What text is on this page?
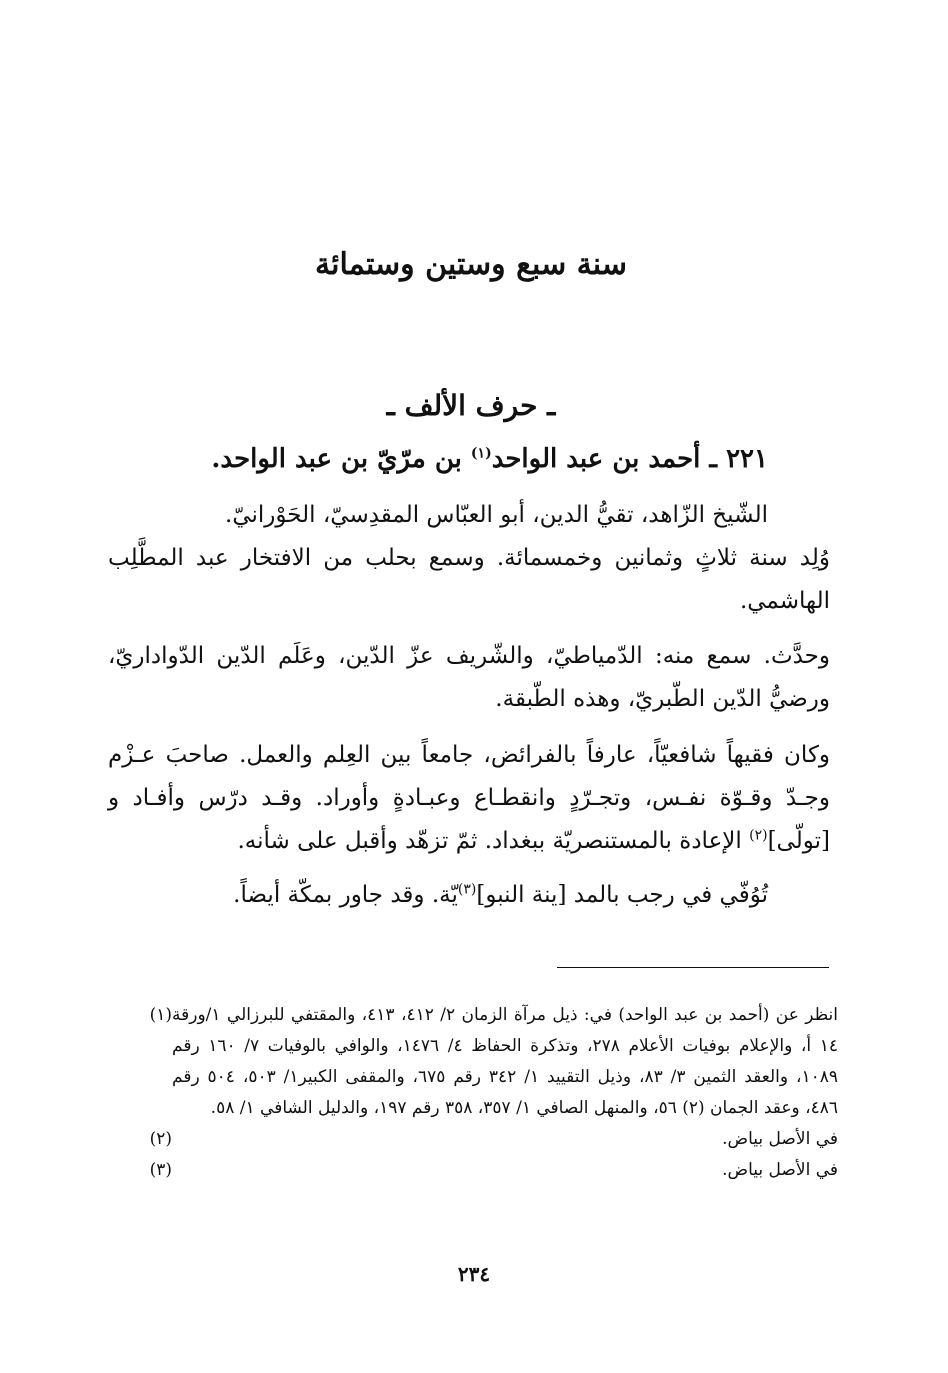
سنة سبع وستين وستمائة
ـ حرف الألف ـ
٢٢١ ـ أحمد بن عبد الواحد$^{(١)}$ بن مرّيّ بن عبد الواحد.
الشّيخ الزّاهد، تقيُّ الدين، أبو العبّاس المقدِسيّ، الحَوْرانيّ.
وُلِد سنة ثلاثٍ وثمانين وخمسمائة. وسمع بحلب من الافتخار عبد المطَّلِب الهاشمي.
وحدَّث. سمع منه: الدّمياطيّ، والشّريف عزّ الدّين، وعَلَم الدّين الدّواداريّ، ورضيُّ الدّين الطّبريّ، وهذه الطّبقة.
وكان فقيهاً شافعيّاً، عارفاً بالفرائض، جامعاً بين العِلم والعمل. صاحبَ عـزْم وجـدّ وقـوّة نفـس، وتجـرّدٍ وانقطـاع وعبـادةٍ وأوراد. وقـد درّس وأفـاد و [تولّى]$^{(٢)}$ الإعادة بالمستنصريّة ببغداد. ثمّ تزهّد وأقبل على شأنه.
تُوُفّي في رجب بالمد [ينة النبو]$^{(٣)}$يّة. وقد جاور بمكّة أيضاً.
(١) انظر عن (أحمد بن عبد الواحد) في: ذيل مرآة الزمان ٢/ ٤١٢، ٤١٣، والمقتفي للبرزالي ١/ورقة ١٤ أ، والإعلام بوفيات الأعلام ٢٧٨، وتذكرة الحفاظ ٤/ ١٤٧٦، والوافي بالوفيات ٧/ ١٦٠ رقم ١٠٨٩، والعقد الثمين ٣/ ٨٣، وذيل التقييد ١/ ٣٤٢ رقم ٦٧٥، والمقفى الكبير١/ ٥٠٣، ٥٠٤ رقم ٤٨٦، وعقد الجمان (٢) ٥٦، والمنهل الصافي ١/ ٣٥٧، ٣٥٨ رقم ١٩٧، والدليل الشافي ١/ ٥٨.
(٢)	في الأصل بياض.
(٣)	في الأصل بياض.
٢٣٤
